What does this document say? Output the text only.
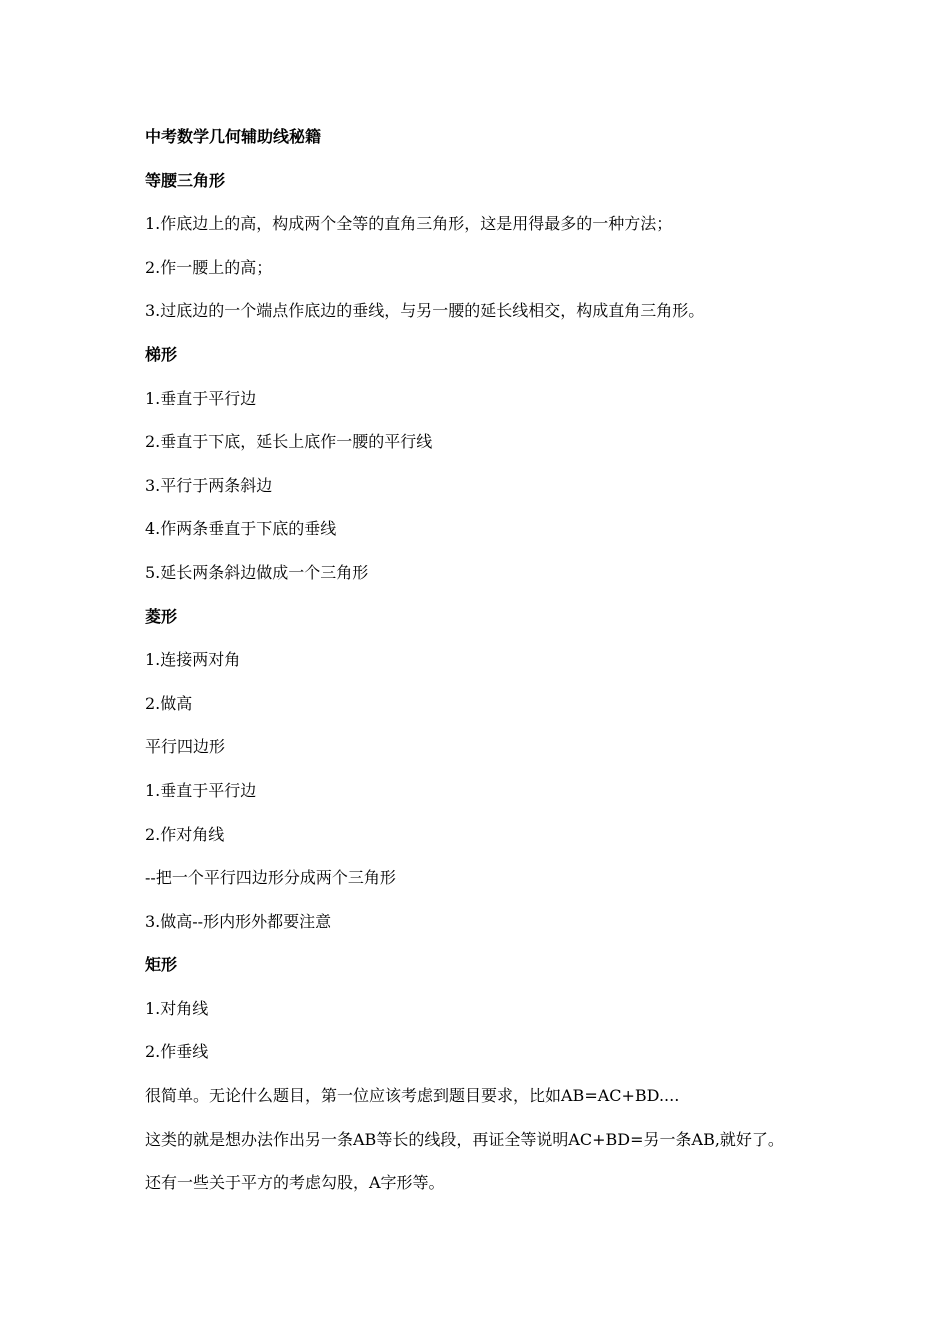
中考数学几何辅助线秘籍
等腰三角形
1.作底边上的高，构成两个全等的直角三角形，这是用得最多的一种方法；
2.作一腰上的高；
3.过底边的一个端点作底边的垂线，与另一腰的延长线相交，构成直角三角形。
梯形
1.垂直于平行边
2.垂直于下底，延长上底作一腰的平行线
3.平行于两条斜边
4.作两条垂直于下底的垂线
5.延长两条斜边做成一个三角形
菱形
1.连接两对角
2.做高
平行四边形
1.垂直于平行边
2.作对角线
--把一个平行四边形分成两个三角形
3.做高--形内形外都要注意
矩形
1.对角线
2.作垂线
很简单。无论什么题目，第一位应该考虑到题目要求，比如AB=AC+BD....
这类的就是想办法作出另一条AB等长的线段，再证全等说明AC+BD=另一条AB,就好了。
还有一些关于平方的考虑勾股，A字形等。
